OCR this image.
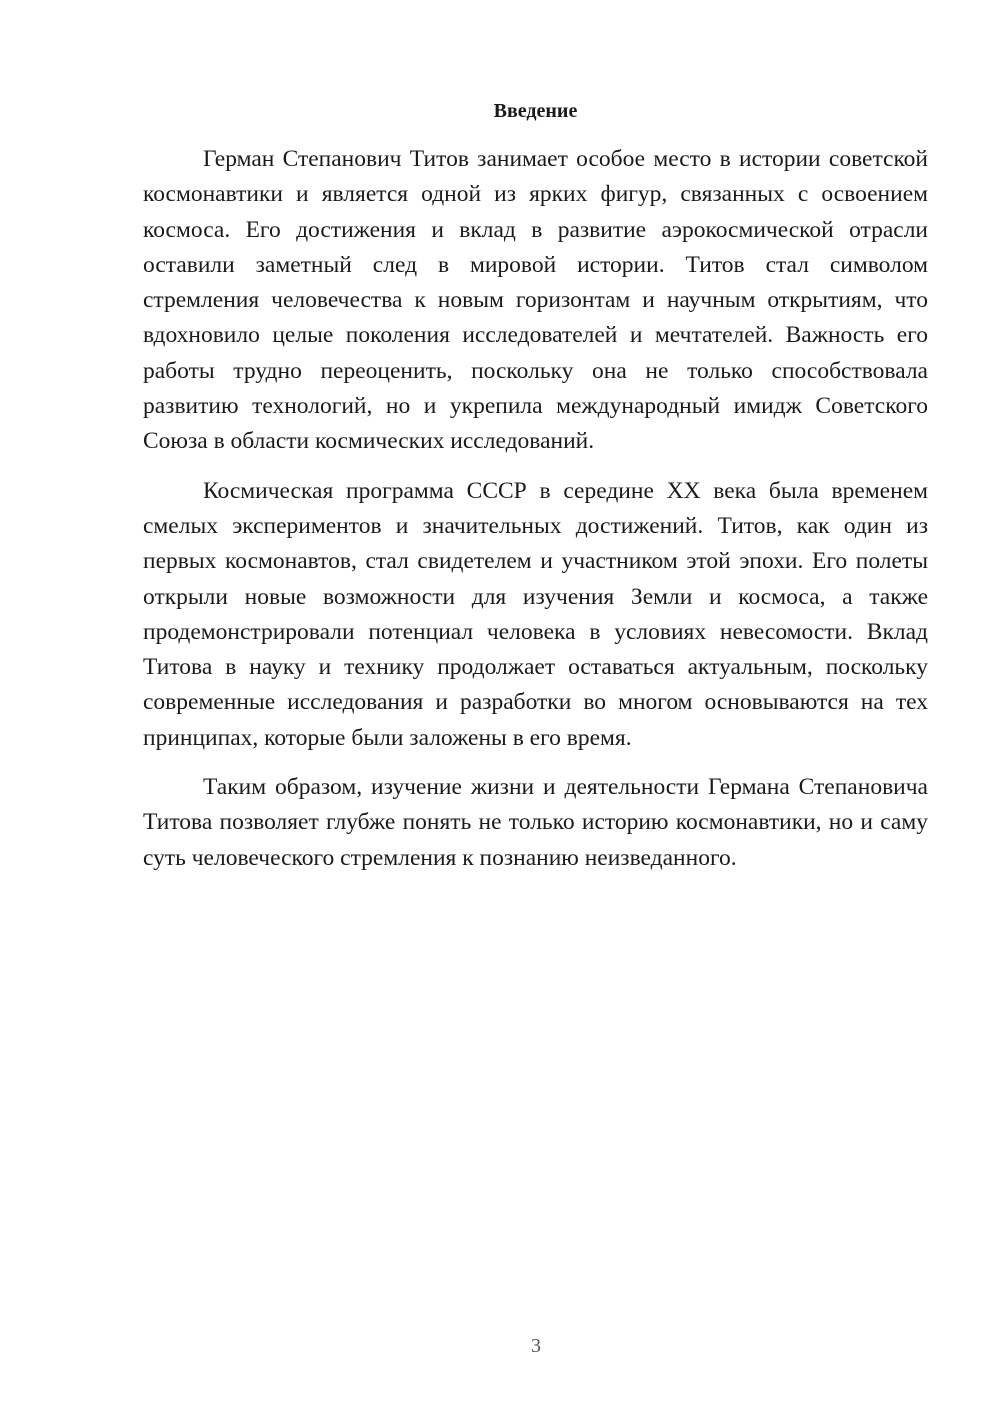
Введение

Герман Степанович Титов занимает особое место в истории советской космонавтики и является одной из ярких фигур, связанных с освоением космоса. Его достижения и вклад в развитие аэрокосмической отрасли оставили заметный след в мировой истории. Титов стал символом стремления человечества к новым горизонтам и научным открытиям, что вдохновило целые поколения исследователей и мечтателей. Важность его работы трудно переоценить, поскольку она не только способствовала развитию технологий, но и укрепила международный имидж Советского Союза в области космических исследований.

Космическая программа СССР в середине XX века была временем смелых экспериментов и значительных достижений. Титов, как один из первых космонавтов, стал свидетелем и участником этой эпохи. Его полеты открыли новые возможности для изучения Земли и космоса, а также продемонстрировали потенциал человека в условиях невесомости. Вклад Титова в науку и технику продолжает оставаться актуальным, поскольку современные исследования и разработки во многом основываются на тех принципах, которые были заложены в его время.

Таким образом, изучение жизни и деятельности Германа Степановича Титова позволяет глубже понять не только историю космонавтики, но и саму суть человеческого стремления к познанию неизведанного.

3
